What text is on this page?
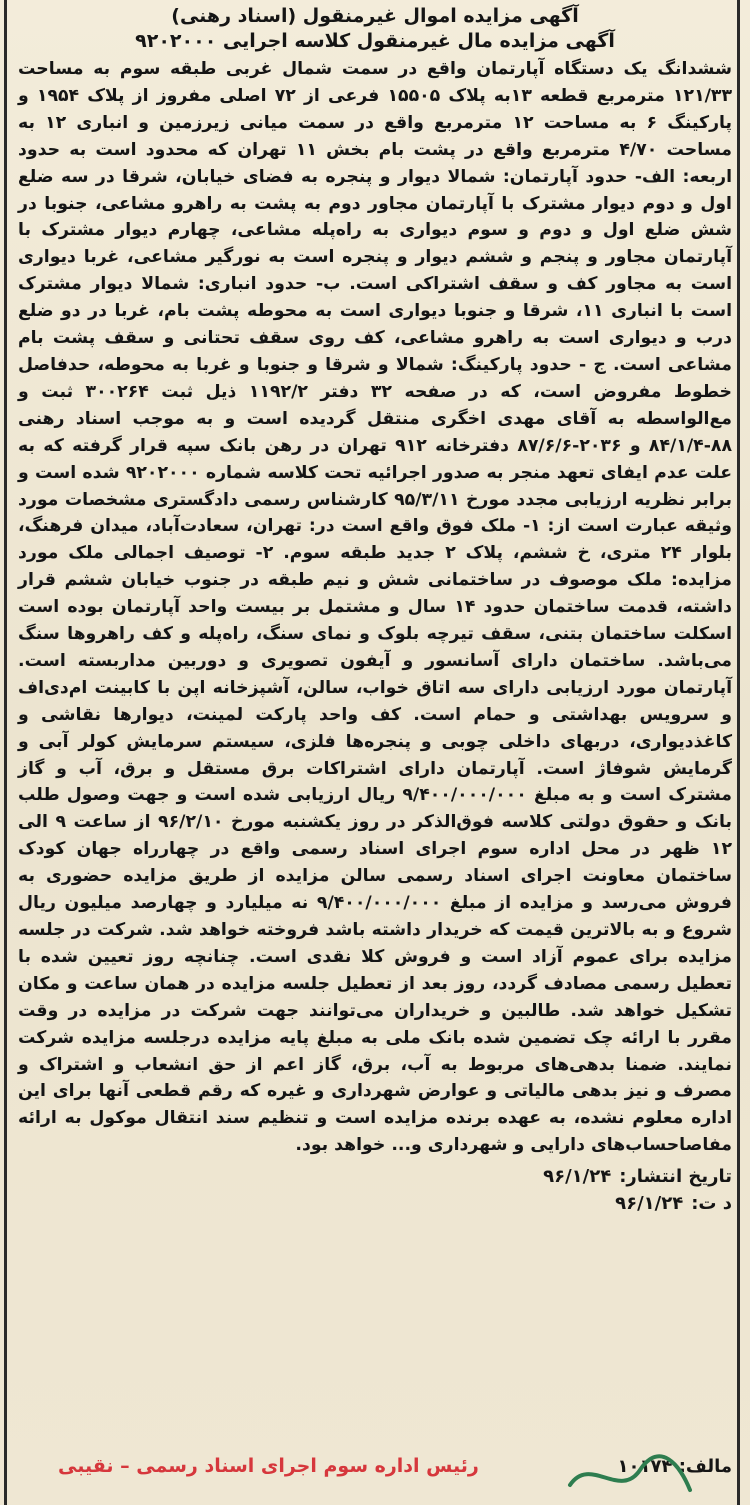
آگهی مزایده اموال غیرمنقول (اسناد رهنی)

آگهی مزایده مال غیرمنقول کلاسه اجرایی ۹۲۰۲۰۰۰

ششدانگ یک دستگاه آپارتمان واقع در سمت شمال غربی طبقه سوم به مساحت ۱۲۱/۳۳ مترمربع قطعه ۱۳به پلاک ۱۵۵۰۵ فرعی از ۷۲ اصلی مفروز از پلاک ۱۹۵۴ و پارکینگ ۶ به مساحت ۱۲ مترمربع واقع در سمت میانی زیرزمین و انباری ۱۲ به مساحت ۴/۷۰ مترمربع واقع در پشت بام بخش ۱۱ تهران که محدود است به حدود اربعه: الف- حدود آپارتمان: شمالا دیوار و پنجره به فضای خیابان، شرقا در سه ضلع اول و دوم دیوار مشترک با آپارتمان مجاور دوم به پشت به راهرو مشاعی، جنوبا در شش ضلع اول و دوم و سوم دیواری به راه‌پله مشاعی، چهارم دیوار مشترک با آپارتمان مجاور و پنجم و ششم دیوار و پنجره است به نورگیر مشاعی، غربا دیواری است به مجاور کف و سقف اشتراکی است. ب- حدود انباری: شمالا دیوار مشترک است با انباری ۱۱، شرقا و جنوبا دیواری است به محوطه پشت بام، غربا در دو ضلع درب و دیواری است به راهرو مشاعی، کف روی سقف تحتانی و سقف پشت بام مشاعی است. ج - حدود پارکینگ: شمالا و شرقا و جنوبا و غربا به محوطه، حدفاصل خطوط مفروض است، که در صفحه ۳۲ دفتر ۱۱۹۲/۲ ذیل ثبت ۳۰۰۲۶۴ ثبت و مع‌الواسطه به آقای مهدی اخگری منتقل گردیده است و به موجب اسناد رهنی ۸۸-۸۴/۱/۴ و ۲۰۳۶-۸۷/۶/۶ دفترخانه ۹۱۲ تهران در رهن بانک سپه قرار گرفته که به علت عدم ایفای تعهد منجر به صدور اجرائیه تحت کلاسه شماره ۹۲۰۲۰۰۰ شده است و برابر نظریه ارزیابی مجدد مورخ ۹۵/۳/۱۱ کارشناس رسمی دادگستری مشخصات مورد وثیقه عبارت است از: ۱- ملک فوق واقع است در: تهران، سعادت‌آباد، میدان فرهنگ، بلوار ۲۴ متری، خ ششم، پلاک ۲ جدید طبقه سوم. ۲- توصیف اجمالی ملک مورد مزایده: ملک موصوف در ساختمانی شش و نیم طبقه در جنوب خیابان ششم قرار داشته، قدمت ساختمان حدود ۱۴ سال و مشتمل بر بیست واحد آپارتمان بوده است اسکلت ساختمان بتنی، سقف تیرچه بلوک و نمای سنگ، راه‌پله و کف راهروها سنگ می‌باشد. ساختمان دارای آسانسور و آیفون تصویری و دوربین مداربسته است. آپارتمان مورد ارزیابی دارای سه اتاق خواب، سالن، آشپزخانه اپن با کابینت ام‌دی‌اف و سرویس بهداشتی و حمام است. کف واحد پارکت لمینت، دیوارها نقاشی و کاغذدیواری، دربهای داخلی چوبی و پنجره‌ها فلزی، سیستم سرمایش کولر آبی و گرمایش شوفاژ است. آپارتمان دارای اشتراکات برق مستقل و برق، آب و گاز مشترک است و به مبلغ ۹/۴۰۰/۰۰۰/۰۰۰ ریال ارزیابی شده است و جهت وصول طلب بانک و حقوق دولتی کلاسه فوق‌الذکر در روز یکشنبه مورخ ۹۶/۲/۱۰ از ساعت ۹ الی ۱۲ ظهر در محل اداره سوم اجرای اسناد رسمی واقع در چهارراه جهان کودک ساختمان معاونت اجرای اسناد رسمی سالن مزایده از طریق مزایده حضوری به فروش می‌رسد و مزایده از مبلغ ۹/۴۰۰/۰۰۰/۰۰۰ نه میلیارد و چهارصد میلیون ریال شروع و به بالاترین قیمت که خریدار داشته باشد فروخته خواهد شد. شرکت در جلسه مزایده برای عموم آزاد است و فروش کلا نقدی است. چنانچه روز تعیین شده با تعطیل رسمی مصادف گردد، روز بعد از تعطیل جلسه مزایده در همان ساعت و مکان تشکیل خواهد شد. طالبین و خریداران می‌توانند جهت شرکت در مزایده در وقت مقرر با ارائه چک تضمین شده بانک ملی به مبلغ پایه مزایده درجلسه مزایده شرکت نمایند. ضمنا بدهی‌های مربوط به آب، برق، گاز اعم از حق انشعاب و اشتراک و مصرف و نیز بدهی مالیاتی و عوارض شهرداری و غیره که رقم قطعی آنها برای این اداره معلوم نشده، به عهده برنده مزایده است و تنظیم سند انتقال موکول به ارائه مفاصاحساب‌های دارایی و شهرداری و... خواهد بود.

تاریخ انتشار:
۹۶/۱/۲۴
د ت:
۹۶/۱/۲۴
مالف: ۱۰۱۷۴
رئیس اداره سوم اجرای اسناد رسمی – نقیبی
